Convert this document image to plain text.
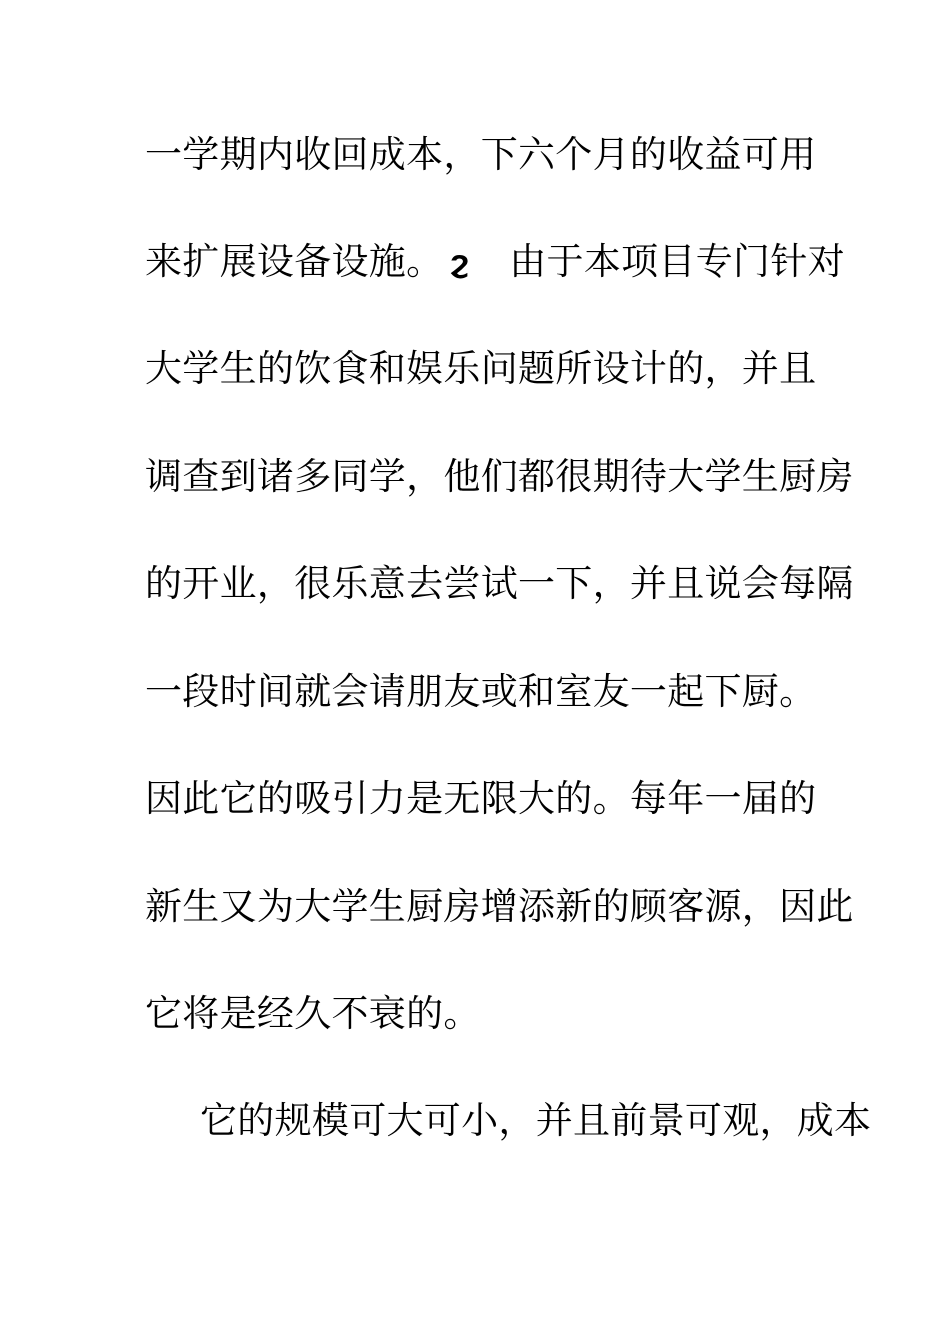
一学期内收回成本，下六个月的收益可用
来扩展设备设施。 ϩ 由于本项目专门针对
大学生的饮食和娱乐问题所设计的，并且
调查到诸多同学，他们都很期待大学生厨房
的开业，很乐意去尝试一下，并且说会每隔
一段时间就会请朋友或和室友一起下厨。
因此它的吸引力是无限大的。每年一届的
新生又为大学生厨房增添新的顾客源，因此
它将是经久不衰的。
它的规模可大可小，并且前景可观，成本
